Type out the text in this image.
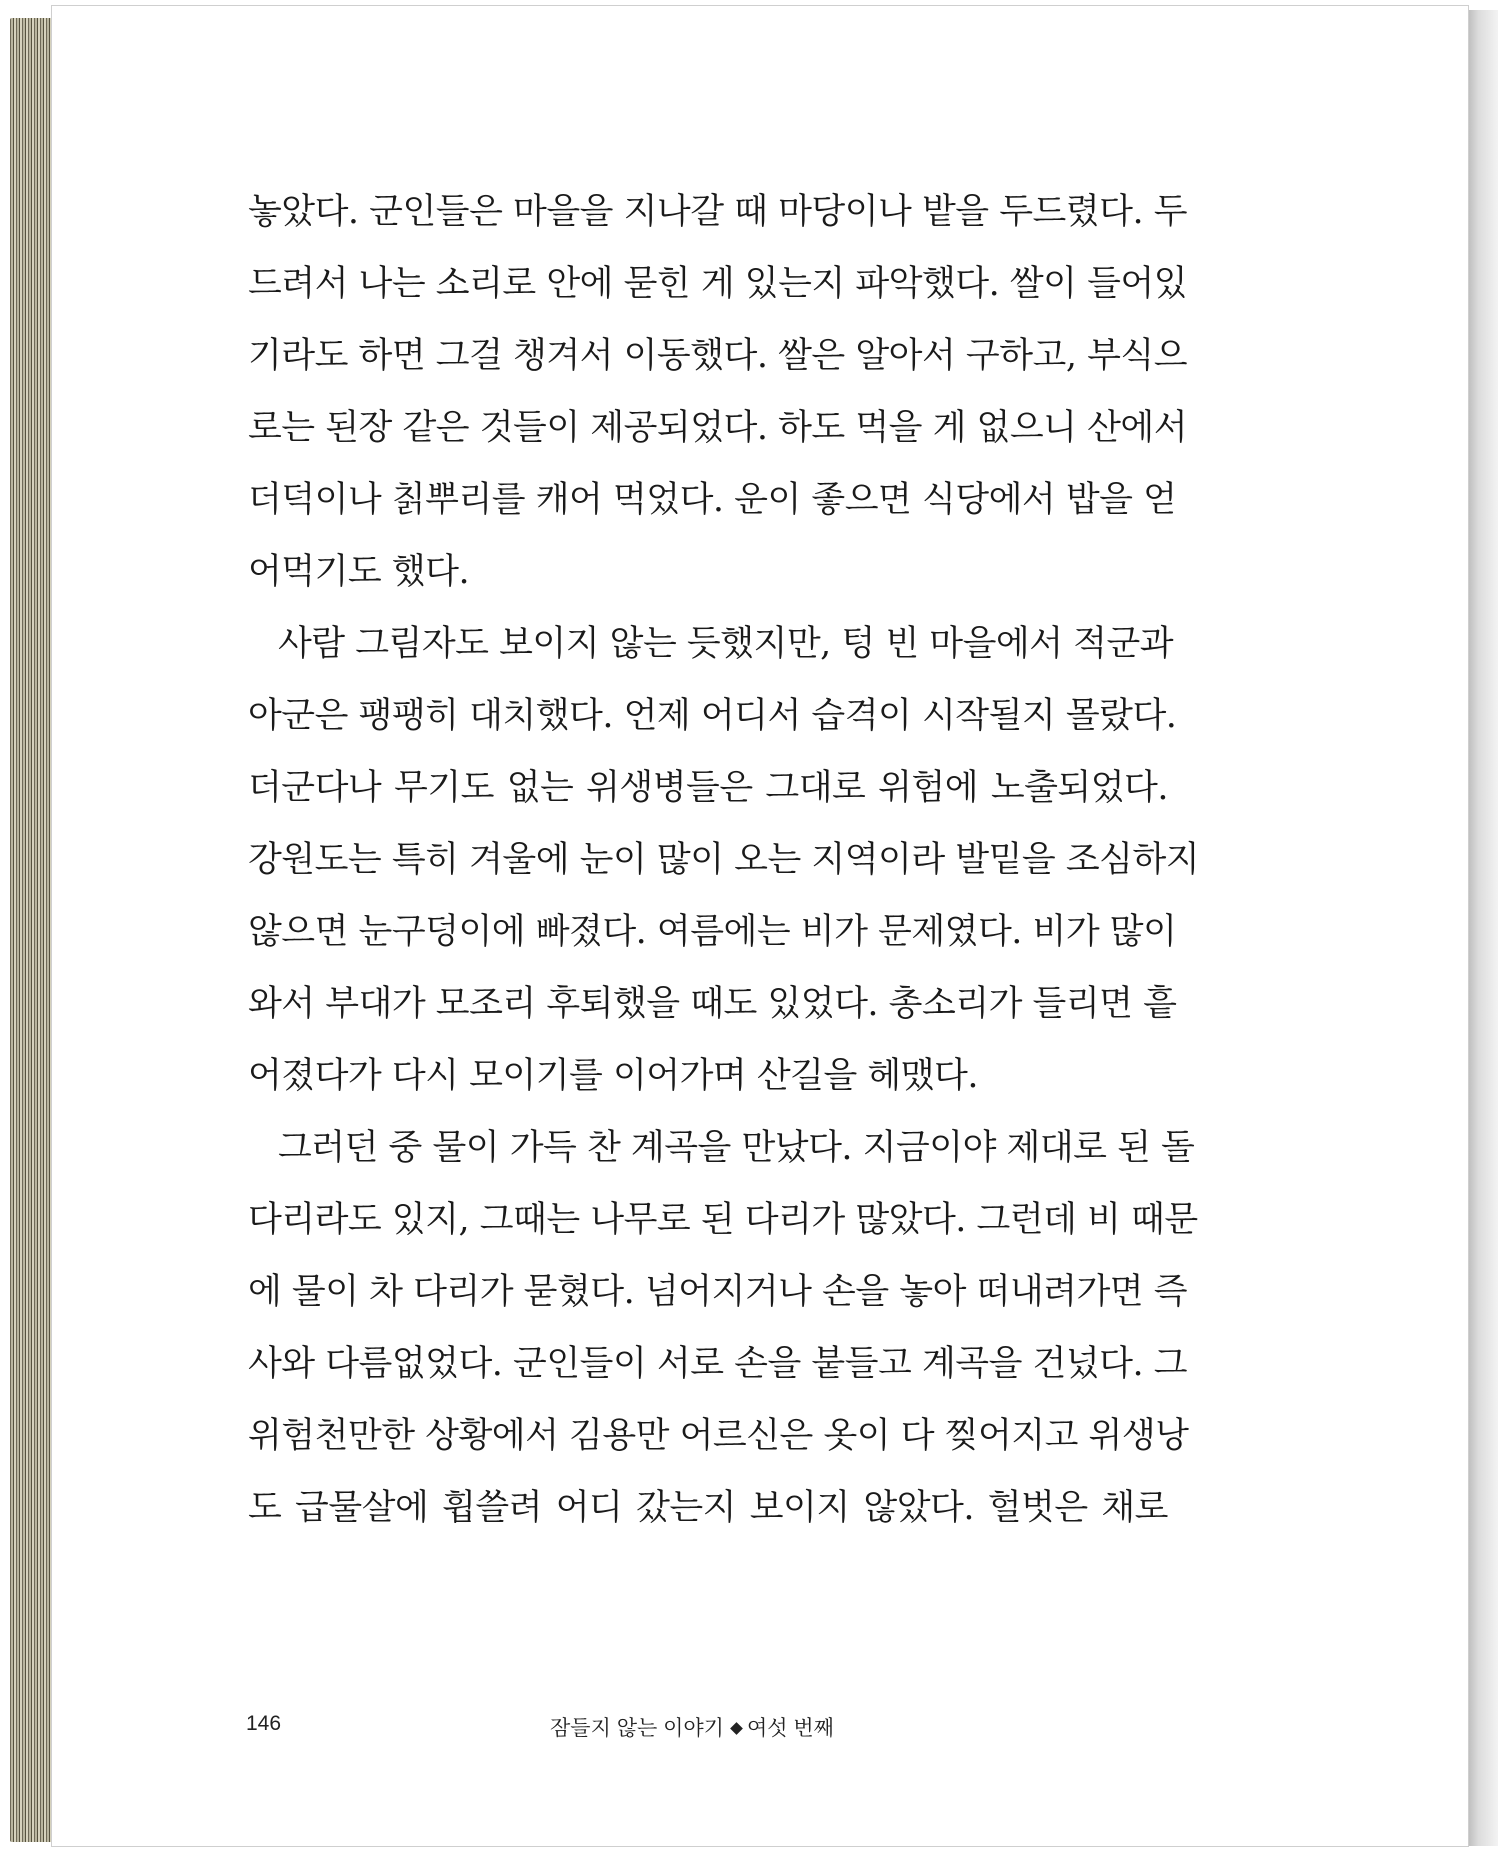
놓았다. 군인들은 마을을 지나갈 때 마당이나 밭을 두드렸다. 두
드려서 나는 소리로 안에 묻힌 게 있는지 파악했다. 쌀이 들어있
기라도 하면 그걸 챙겨서 이동했다. 쌀은 알아서 구하고, 부식으
로는 된장 같은 것들이 제공되었다. 하도 먹을 게 없으니 산에서
더덕이나 칡뿌리를 캐어 먹었다. 운이 좋으면 식당에서 밥을 얻
어먹기도 했다.
사람 그림자도 보이지 않는 듯했지만, 텅 빈 마을에서 적군과
아군은 팽팽히 대치했다. 언제 어디서 습격이 시작될지 몰랐다.
더군다나 무기도 없는 위생병들은 그대로 위험에 노출되었다.
강원도는 특히 겨울에 눈이 많이 오는 지역이라 발밑을 조심하지
않으면 눈구덩이에 빠졌다. 여름에는 비가 문제였다. 비가 많이
와서 부대가 모조리 후퇴했을 때도 있었다. 총소리가 들리면 흩
어졌다가 다시 모이기를 이어가며 산길을 헤맸다.
그러던 중 물이 가득 찬 계곡을 만났다. 지금이야 제대로 된 돌
다리라도 있지, 그때는 나무로 된 다리가 많았다. 그런데 비 때문
에 물이 차 다리가 묻혔다. 넘어지거나 손을 놓아 떠내려가면 즉
사와 다름없었다. 군인들이 서로 손을 붙들고 계곡을 건넜다. 그
위험천만한 상황에서 김용만 어르신은 옷이 다 찢어지고 위생낭
도 급물살에 휩쓸려 어디 갔는지 보이지 않았다. 헐벗은 채로
146	잠들지 않는 이야기 여섯 번째
